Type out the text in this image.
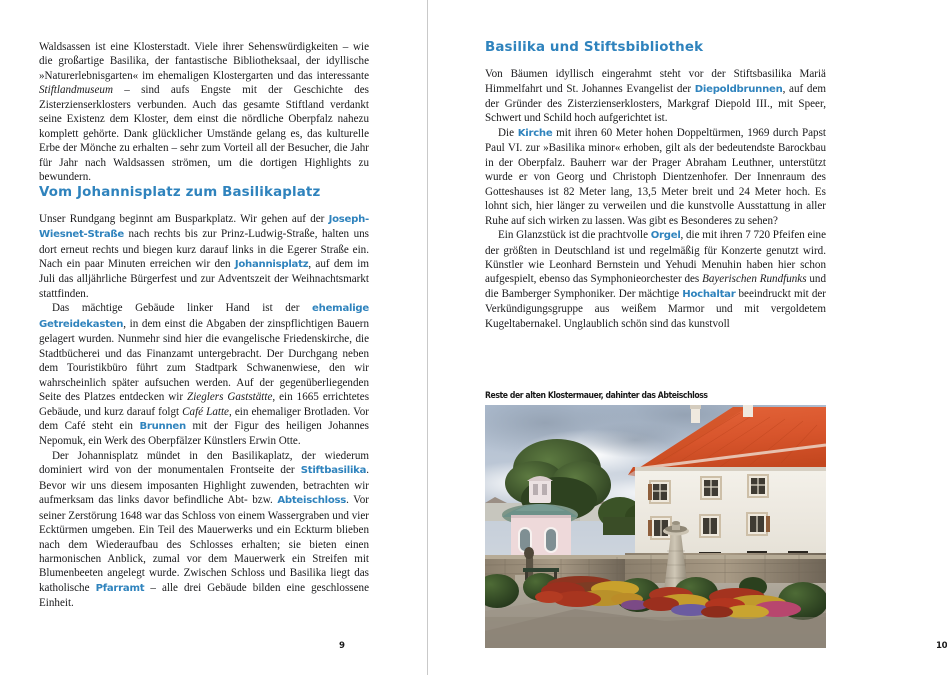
Waldsassen ist eine Klosterstadt. Viele ihrer Sehenswürdigkeiten – wie die großartige Basilika, der fantastische Bibliotheksaal, der idyllische »Naturerlebnisgarten« im ehemaligen Klostergarten und das interessante Stiftlandmuseum – sind aufs Engste mit der Geschichte des Zisterzienserklosters verbunden. Auch das gesamte Stiftland verdankt seine Existenz dem Kloster, dem einst die nördliche Oberpfalz nahezu komplett gehörte. Dank glücklicher Umstände gelang es, das kulturelle Erbe der Mönche zu erhalten – sehr zum Vorteil all der Besucher, die Jahr für Jahr nach Waldsassen strömen, um die dortigen Highlights zu bewundern.

Vom Johannisplatz zum Basilikaplatz

Unser Rundgang beginnt am Busparkplatz. Wir gehen auf der Joseph-Wiesnet-Straße nach rechts bis zur Prinz-Ludwig-Straße, halten uns dort erneut rechts und biegen kurz darauf links in die Egerer Straße ein. Nach ein paar Minuten erreichen wir den Johannisplatz, auf dem im Juli das alljährliche Bürgerfest und zur Adventszeit der Weihnachtsmarkt stattfinden.

Das mächtige Gebäude linker Hand ist der ehemalige Getreidekasten, in dem einst die Abgaben der zinspflichtigen Bauern gelagert wurden. Nunmehr sind hier die evangelische Friedenskirche, die Stadtbücherei und das Finanzamt untergebracht. Der Durchgang neben dem Touristikbüro führt zum Stadtpark Schwanenwiese, den wir wahrscheinlich später aufsuchen werden. Auf der gegenüberliegenden Seite des Platzes entdecken wir Zieglers Gaststätte, ein 1665 errichtetes Gebäude, und kurz darauf folgt Café Latte, ein ehemaliger Brotladen. Vor dem Café steht ein Brunnen mit der Figur des heiligen Johannes Nepomuk, ein Werk des Oberpfälzer Künstlers Erwin Otte.

Der Johannisplatz mündet in den Basilikaplatz, der wiederum dominiert wird von der monumentalen Frontseite der Stiftbasilika. Bevor wir uns diesem imposanten Highlight zuwenden, betrachten wir aufmerksam das links davor befindliche Abt- bzw. Abteischloss. Vor seiner Zerstörung 1648 war das Schloss von einem Wassergraben und vier Ecktürmen umgeben. Ein Teil des Mauerwerks und ein Eckturm blieben nach dem Wiederaufbau des Schlosses erhalten; sie bieten einen harmonischen Anblick, zumal vor dem Mauerwerk ein Streifen mit Blumenbeeten angelegt wurde. Zwischen Schloss und Basilika liegt das katholische Pfarramt – alle drei Gebäude bilden eine geschlossene Einheit.

9
Basilika und Stiftsbibliothek

Von Bäumen idyllisch eingerahmt steht vor der Stiftsbasilika Mariä Himmelfahrt und St. Johannes Evangelist der Diepoldbrunnen, auf dem der Gründer des Zisterzienserklosters, Markgraf Diepold III., mit Speer, Schwert und Schild hoch aufgerichtet ist.

Die Kirche mit ihren 60 Meter hohen Doppeltürmen, 1969 durch Papst Paul VI. zur »Basilika minor« erhoben, gilt als der bedeutendste Barockbau in der Oberpfalz. Bauherr war der Prager Abraham Leuthner, unterstützt wurde er von Georg und Christoph Dientzenhofer. Der Innenraum des Gotteshauses ist 82 Meter lang, 13,5 Meter breit und 24 Meter hoch. Es lohnt sich, hier länger zu verweilen und die kunstvolle Ausstattung in aller Ruhe auf sich wirken zu lassen. Was gibt es Besonderes zu sehen?

Ein Glanzstück ist die prachtvolle Orgel, die mit ihren 7 720 Pfeifen eine der größten in Deutschland ist und regelmäßig für Konzerte genutzt wird. Künstler wie Leonhard Bernstein und Yehudi Menuhin haben hier schon aufgespielt, ebenso das Symphonieorchester des Bayerischen Rundfunks und die Bamberger Symphoniker. Der mächtige Hochaltar beeindruckt mit der Verkündigungsgruppe aus weißem Marmor und mit vergoldetem Kugeltabernakel. Unglaublich schön sind das kunstvoll

10
Reste der alten Klostermauer, dahinter das Abteischloss
